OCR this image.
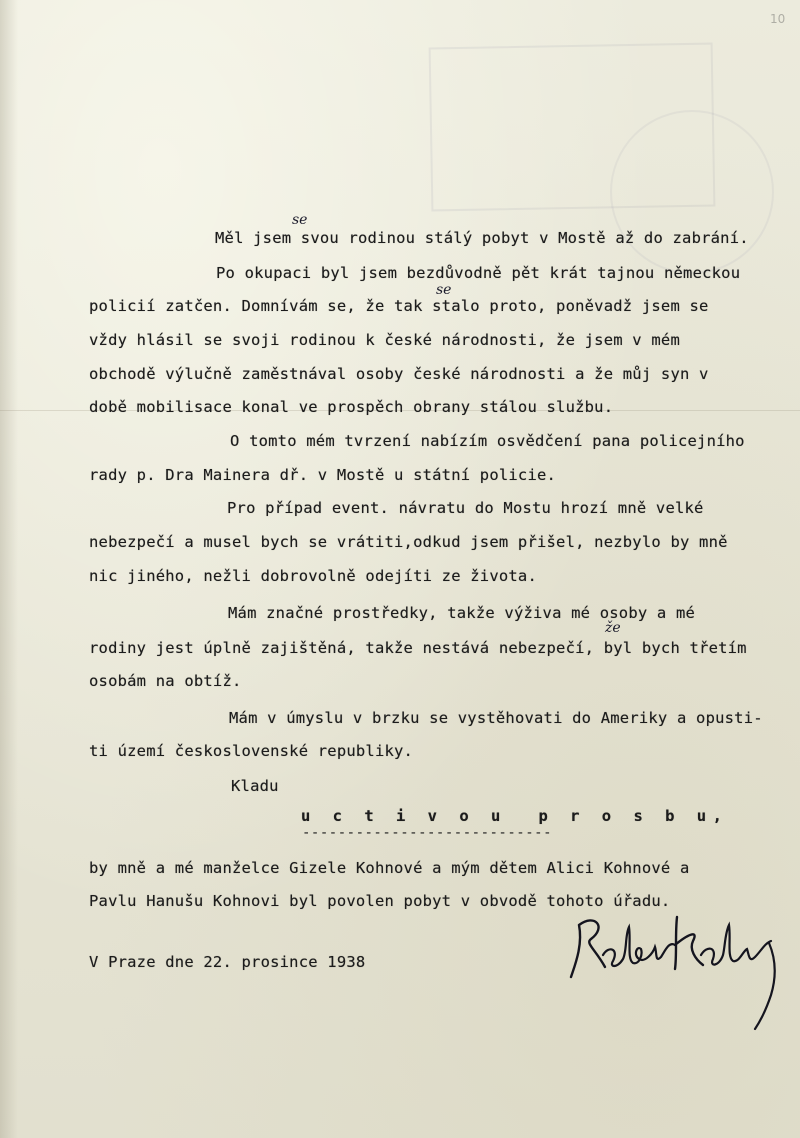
10
Měl jsem svou rodinou stálý pobyt v Mostě až do zabrání.
se
Po okupaci byl jsem bezdůvodně pět krát tajnou německou
policií zatčen. Domnívám se, že tak stalo proto, poněvadž jsem se
se
vždy hlásil se svoji rodinou k české národnosti, že jsem v mém
obchodě výlučně zaměstnával osoby české národnosti a že můj syn v
době mobilisace konal ve prospěch obrany stálou službu.
O tomto mém tvrzení nabízím osvědčení pana policejního
rady p. Dra Mainera dř. v Mostě u státní policie.
Pro případ event. návratu do Mostu hrozí mně velké
nebezpečí a musel bych se vrátiti,odkud jsem přišel, nezbylo by mně
nic jiného, nežli dobrovolně odejíti ze života.
Mám značné prostředky, takže výživa mé osoby a mé
rodiny jest úplně zajištěná, takže nestává nebezpečí, byl bych třetím
že
osobám na obtíž.
Mám v úmyslu v brzku se vystěhovati do Ameriky a opusti-
ti území československé republiky.
Kladu
u c t i v o u  p r o s b u,
----------------------------
by mně a mé manželce Gizele Kohnové a mým dětem Alici Kohnové a
Pavlu Hanušu Kohnovi byl povolen pobyt v obvodě tohoto úřadu.
V Praze dne 22. prosince 1938
